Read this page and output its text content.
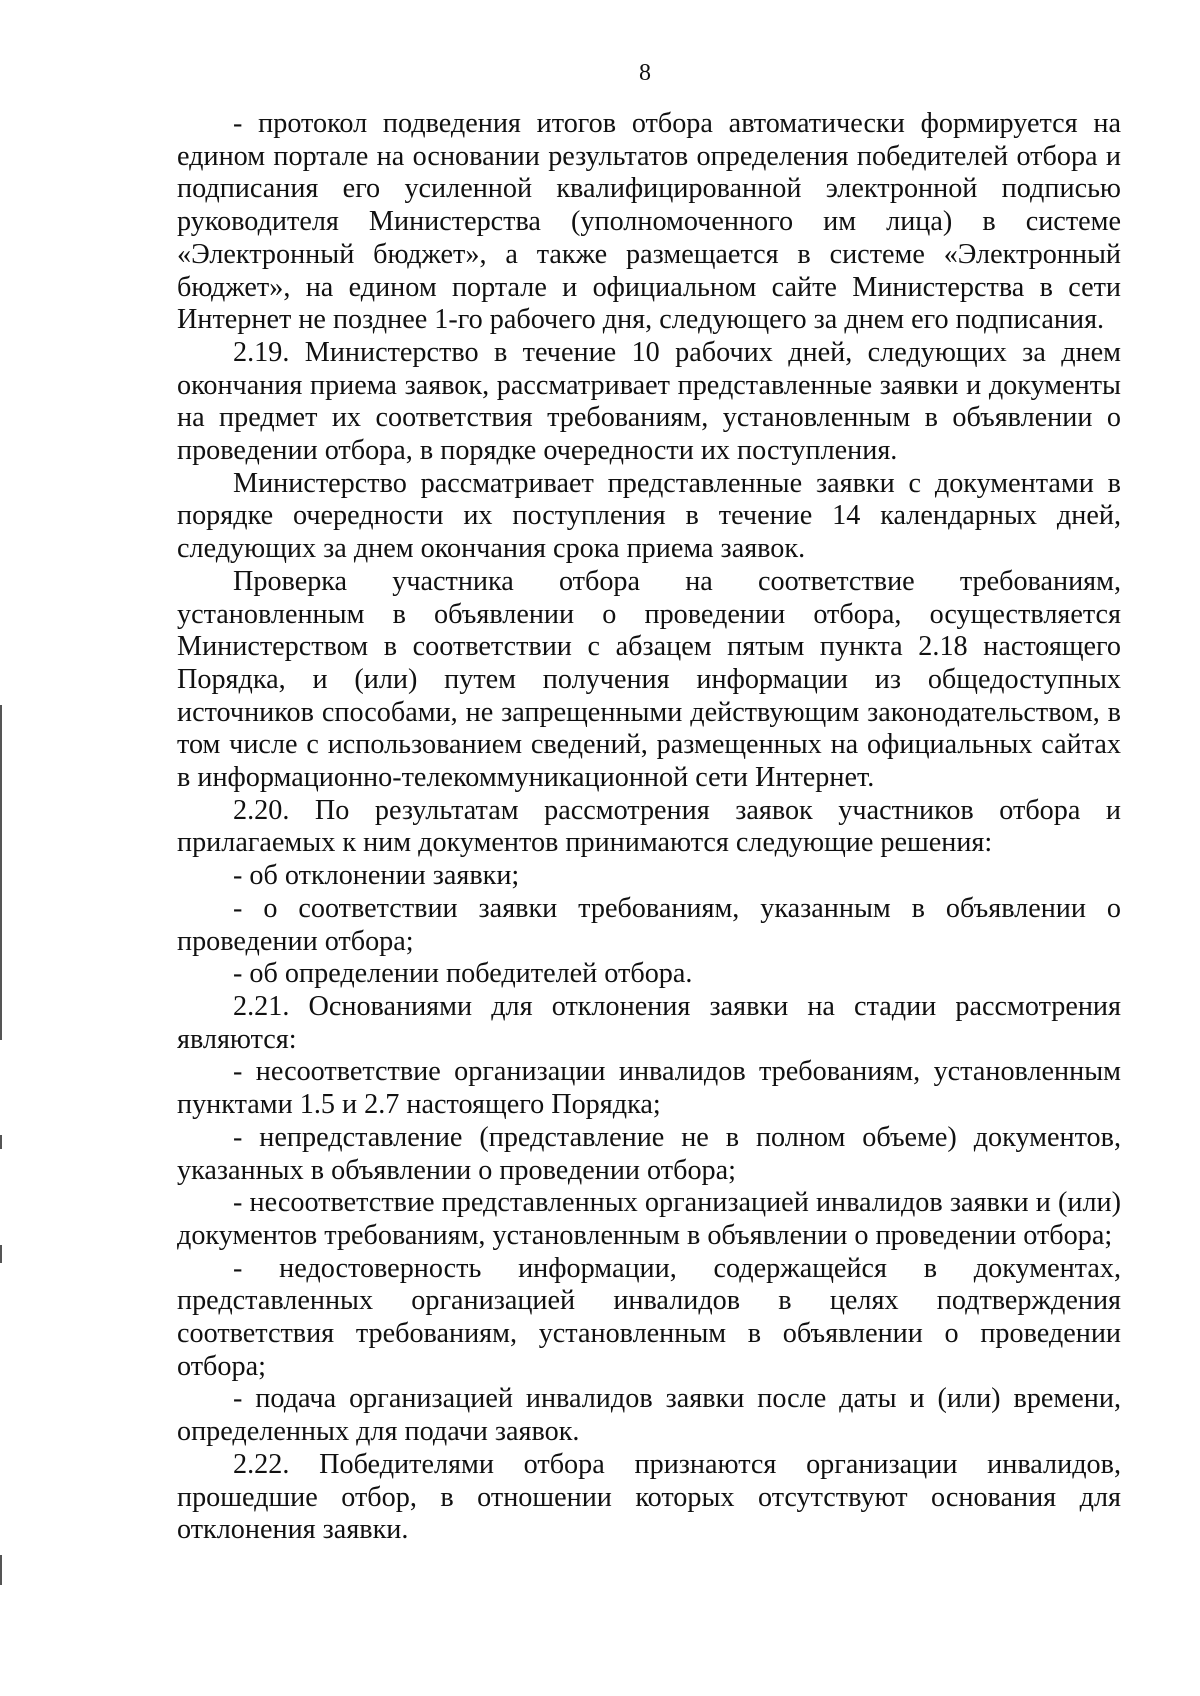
8

- протокол подведения итогов отбора автоматически формируется на едином портале на основании результатов определения победителей отбора и подписания его усиленной квалифицированной электронной подписью руководителя Министерства (уполномоченного им лица) в системе «Электронный бюджет», а также размещается в системе «Электронный бюджет», на едином портале и официальном сайте Министерства в сети Интернет не позднее 1-го рабочего дня, следующего за днем его подписания.

2.19. Министерство в течение 10 рабочих дней, следующих за днем окончания приема заявок, рассматривает представленные заявки и документы на предмет их соответствия требованиям, установленным в объявлении о проведении отбора, в порядке очередности их поступления.

Министерство рассматривает представленные заявки с документами в порядке очередности их поступления в течение 14 календарных дней, следующих за днем окончания срока приема заявок.

Проверка участника отбора на соответствие требованиям, установленным в объявлении о проведении отбора, осуществляется Министерством в соответствии с абзацем пятым пункта 2.18 настоящего Порядка, и (или) путем получения информации из общедоступных источников способами, не запрещенными действующим законодательством, в том числе с использованием сведений, размещенных на официальных сайтах в информационно-телекоммуникационной сети Интернет.

2.20. По результатам рассмотрения заявок участников отбора и прилагаемых к ним документов принимаются следующие решения:

- об отклонении заявки;

- о соответствии заявки требованиям, указанным в объявлении о проведении отбора;

- об определении победителей отбора.

2.21. Основаниями для отклонения заявки на стадии рассмотрения являются:

- несоответствие организации инвалидов требованиям, установленным пунктами 1.5 и 2.7 настоящего Порядка;

- непредставление (представление не в полном объеме) документов, указанных в объявлении о проведении отбора;

- несоответствие представленных организацией инвалидов заявки и (или) документов требованиям, установленным в объявлении о проведении отбора;

- недостоверность информации, содержащейся в документах, представленных организацией инвалидов в целях подтверждения соответствия требованиям, установленным в объявлении о проведении отбора;

- подача организацией инвалидов заявки после даты и (или) времени, определенных для подачи заявок.

2.22. Победителями отбора признаются организации инвалидов, прошедшие отбор, в отношении которых отсутствуют основания для отклонения заявки.
